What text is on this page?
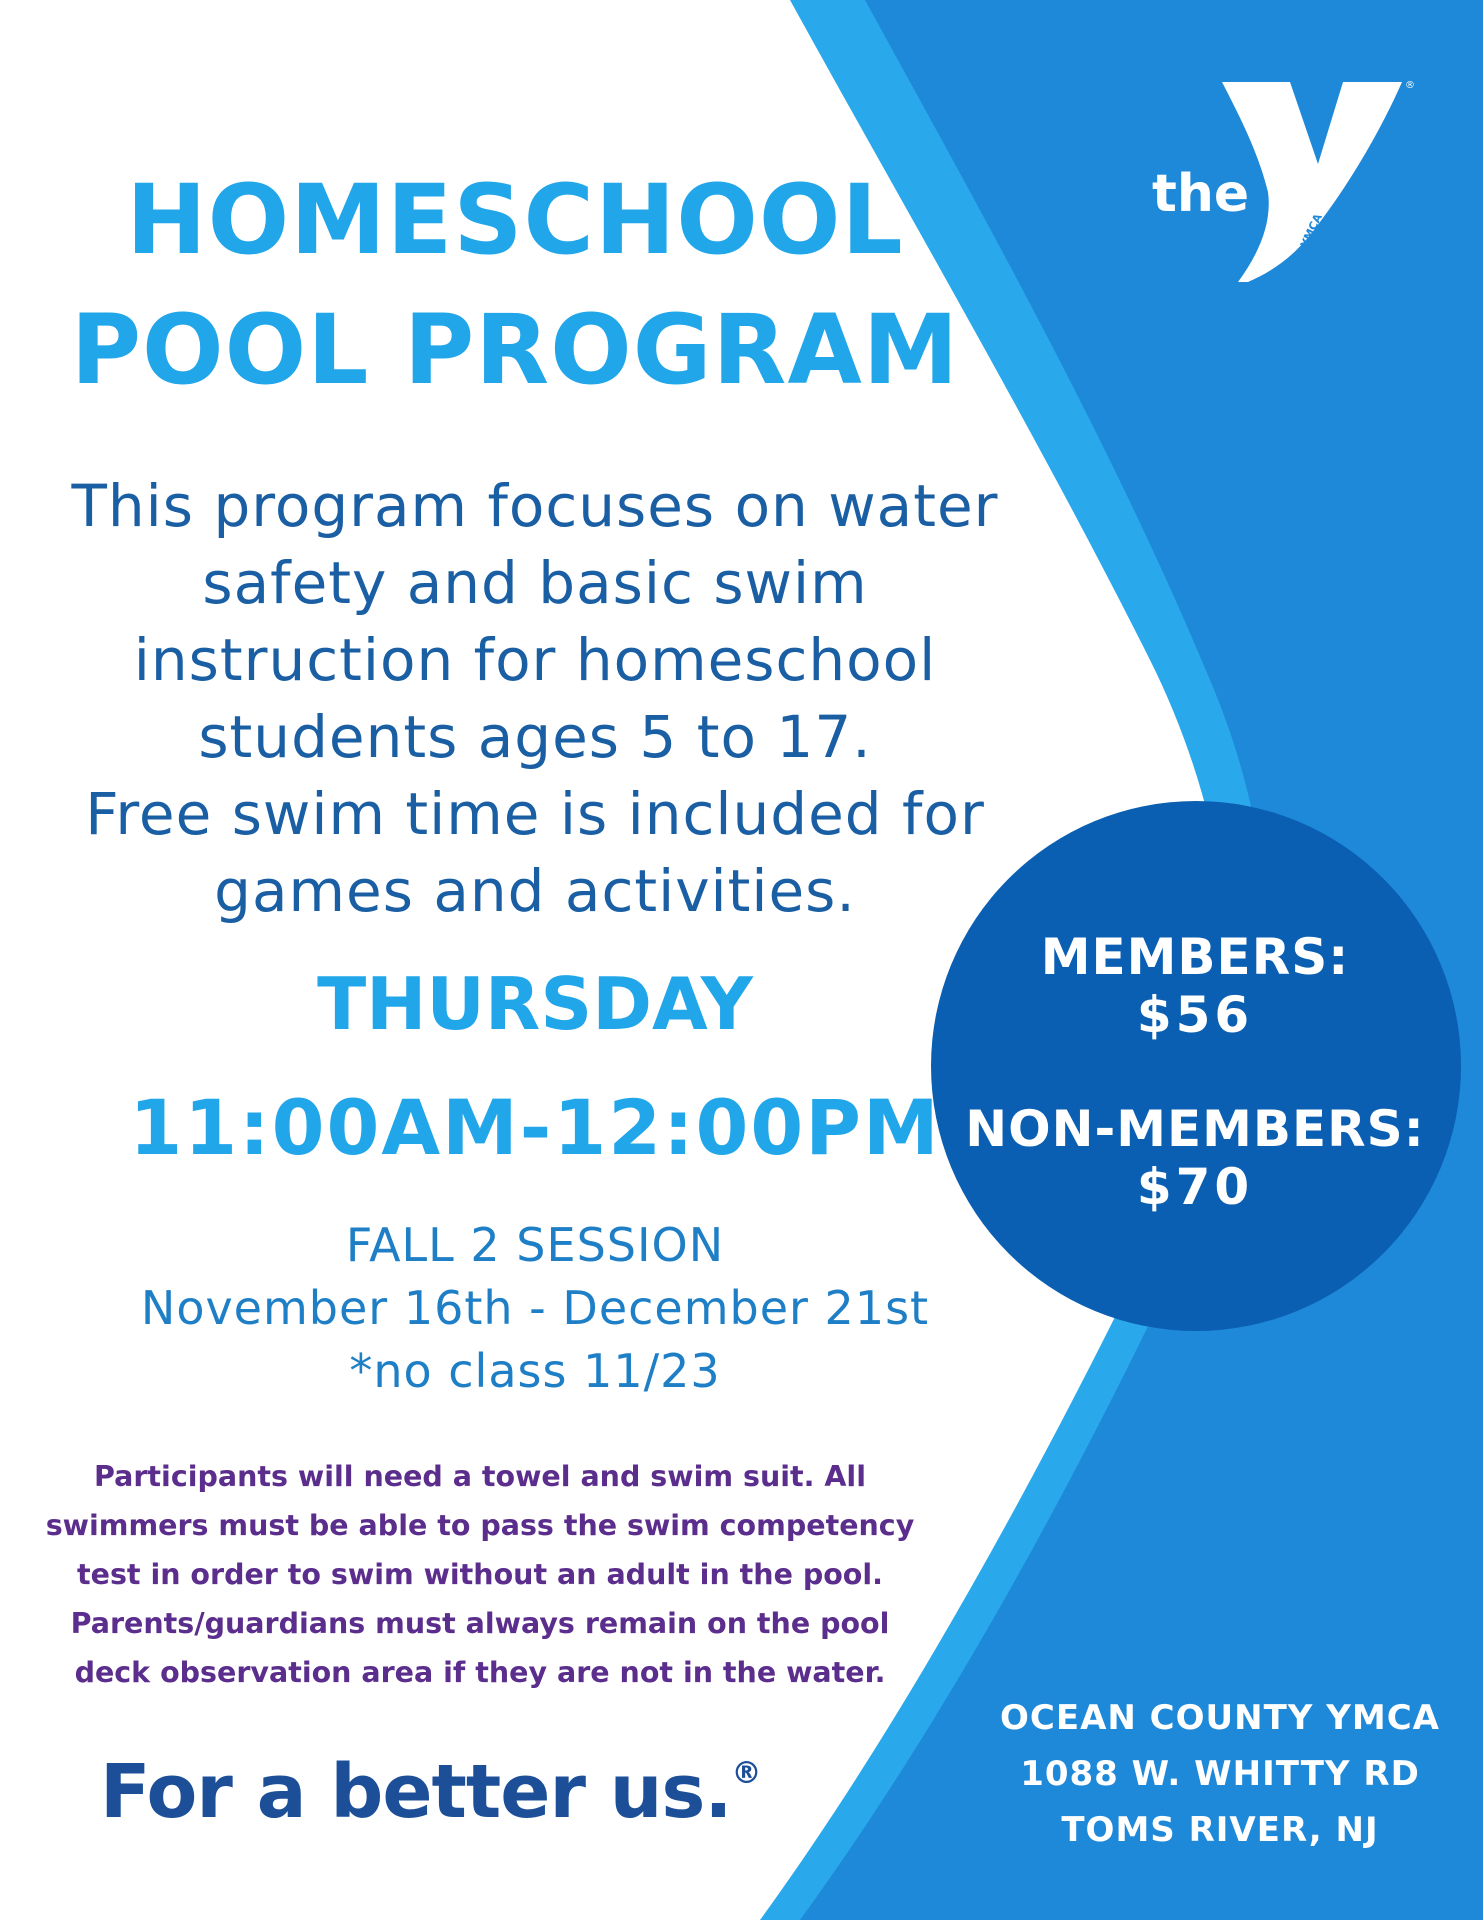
the
®
YMCA
HOMESCHOOL
POOL PROGRAM
This program focuses on water
safety and basic swim
instruction for homeschool
students ages 5 to 17.
Free swim time is included for
games and activities.
THURSDAY
11:00AM-12:00PM
FALL 2 SESSION
November 16th - December 21st
*no class 11/23
Participants will need a towel and swim suit. All
swimmers must be able to pass the swim competency
test in order to swim without an adult in the pool.
Parents/guardians must always remain on the pool
deck observation area if they are not in the water.
For a better us.®
MEMBERS:
$56
NON-MEMBERS:
$70
OCEAN COUNTY YMCA
1088 W. WHITTY RD
TOMS RIVER, NJ
